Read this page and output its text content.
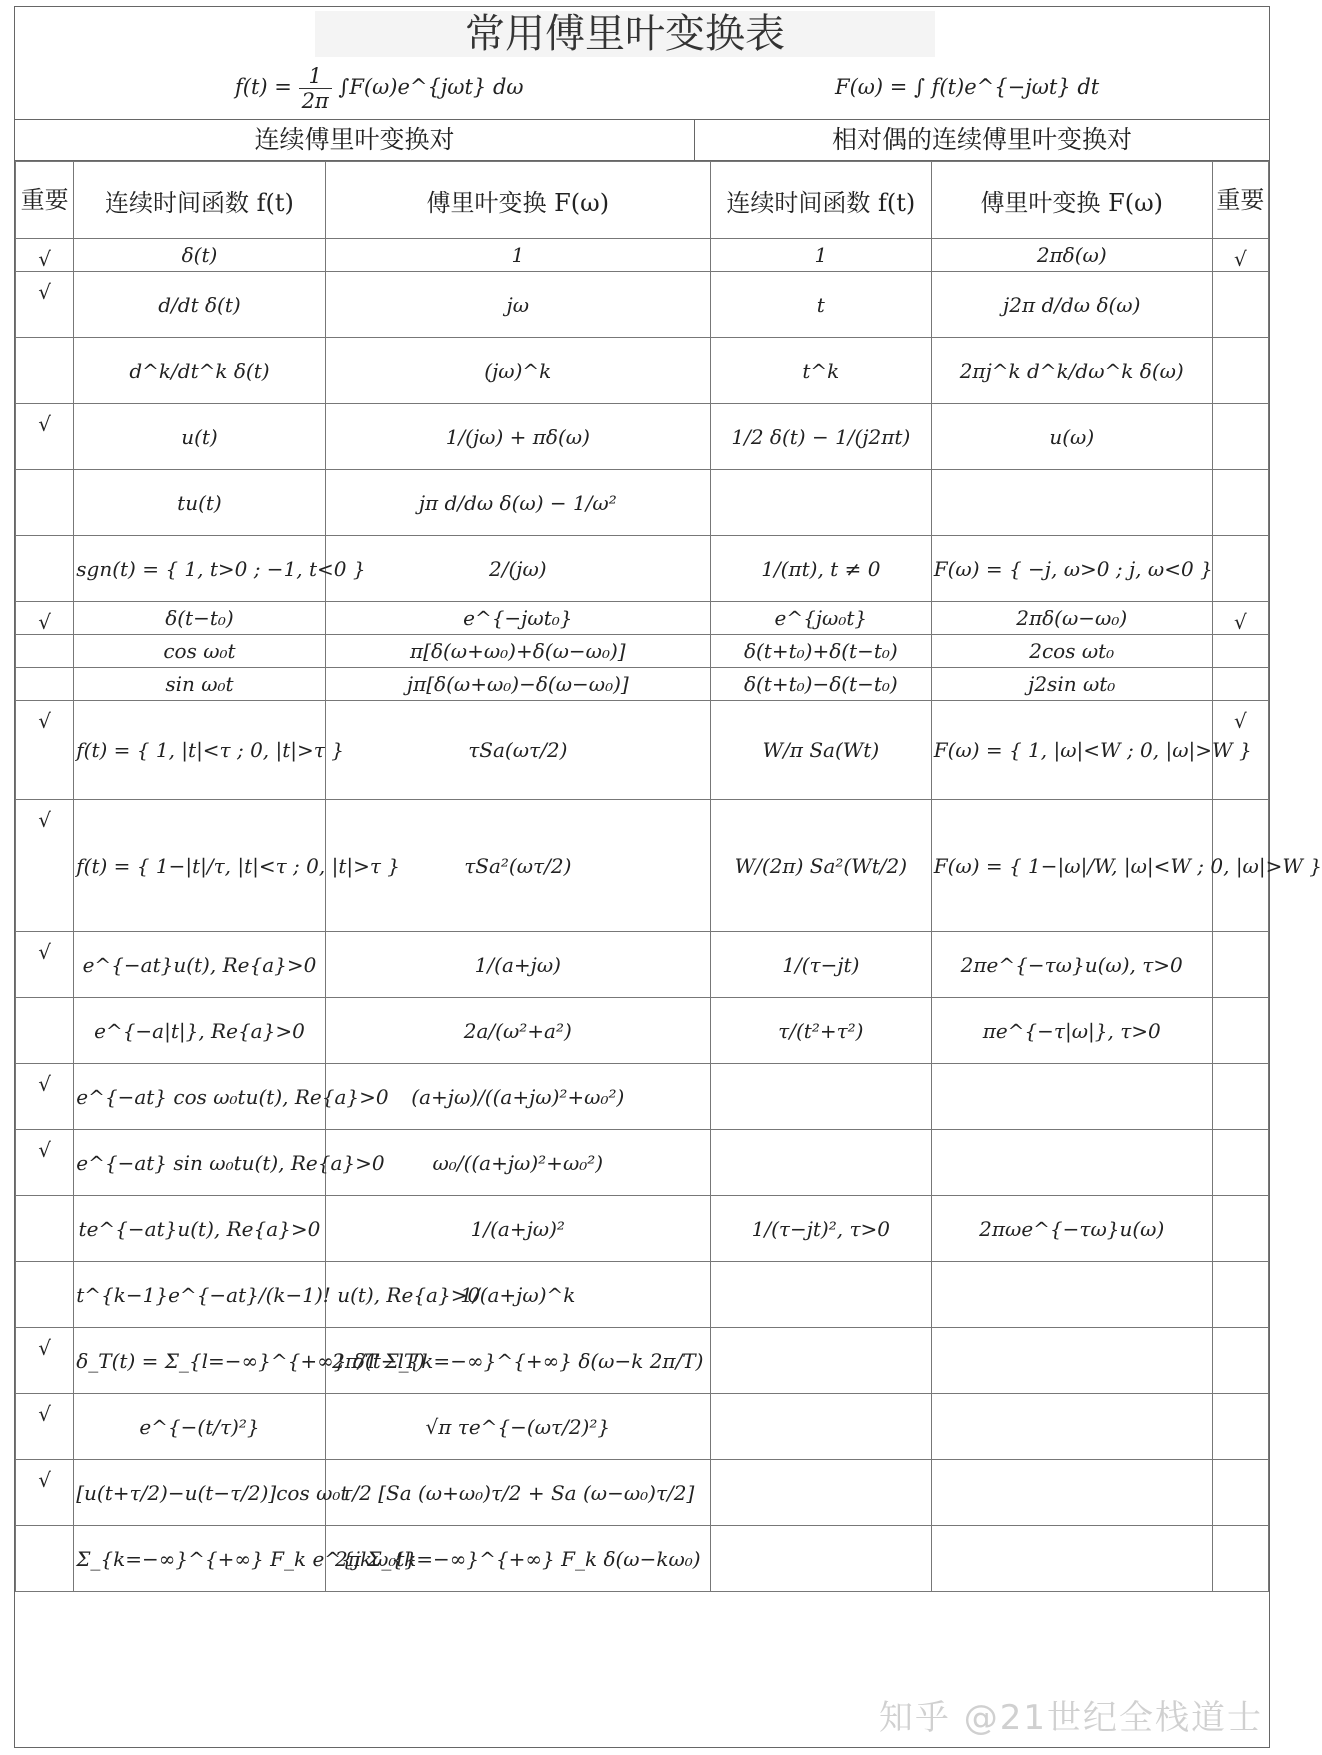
常用傅里叶变换表
$f(t) = \frac{1}{2\pi}$ ∫F(ω)e^{jωt} dω	F(ω) = ∫ f(t)e^{−jωt} dt
连续傅里叶变换对	相对偶的连续傅里叶变换对
重要	连续时间函数 f(t)	傅里叶变换 F(ω)	连续时间函数 f(t)	傅里叶变换 F(ω)	重要
√	δ(t)	1	1	2πδ(ω)	√
√	d/dt δ(t)	jω	t	j2π d/dω δ(ω)	
	d^k/dt^k δ(t)	(jω)^k	t^k	2πj^k d^k/dω^k δ(ω)	
√	u(t)	1/(jω) + πδ(ω)	1/2 δ(t) − 1/(j2πt)	u(ω)	
	tu(t)	jπ d/dω δ(ω) − 1/ω²			
	sgn(t) = { 1, t>0 ; −1, t<0 }	2/(jω)	1/(πt), t ≠ 0	F(ω) = { −j, ω>0 ; j, ω<0 }	
√	δ(t−t₀)	e^{−jωt₀}	e^{jω₀t}	2πδ(ω−ω₀)	√
	cos ω₀t	π[δ(ω+ω₀)+δ(ω−ω₀)]	δ(t+t₀)+δ(t−t₀)	2cos ωt₀	
	sin ω₀t	jπ[δ(ω+ω₀)−δ(ω−ω₀)]	δ(t+t₀)−δ(t−t₀)	j2sin ωt₀	
√	f(t) = { 1, |t|<τ ; 0, |t|>τ }	τSa(ωτ/2)	W/π Sa(Wt)	F(ω) = { 1, |ω|<W ; 0, |ω|>W }	√
√	f(t) = { 1−|t|/τ, |t|<τ ; 0, |t|>τ }	τSa²(ωτ/2)	W/(2π) Sa²(Wt/2)	F(ω) = { 1−|ω|/W, |ω|<W ; 0, |ω|>W }	
√	e^{−at}u(t), Re{a}>0	1/(a+jω)	1/(τ−jt)	2πe^{−τω}u(ω), τ>0	
	e^{−a|t|}, Re{a}>0	2a/(ω²+a²)	τ/(t²+τ²)	πe^{−τ|ω|}, τ>0	
√	e^{−at} cos ω₀tu(t), Re{a}>0	(a+jω)/((a+jω)²+ω₀²)			
√	e^{−at} sin ω₀tu(t), Re{a}>0	ω₀/((a+jω)²+ω₀²)			
	te^{−at}u(t), Re{a}>0	1/(a+jω)²	1/(τ−jt)², τ>0	2πωe^{−τω}u(ω)	
	t^{k−1}e^{−at}/(k−1)! u(t), Re{a}>0	1/(a+jω)^k			
√	δ_T(t) = Σ_{l=−∞}^{+∞} δ(t−lT)	2π/T Σ_{k=−∞}^{+∞} δ(ω−k 2π/T)			
√	e^{−(t/τ)²}	√π τe^{−(ωτ/2)²}			
√	[u(t+τ/2)−u(t−τ/2)]cos ω₀t	τ/2 [Sa (ω+ω₀)τ/2 + Sa (ω−ω₀)τ/2]			
	Σ_{k=−∞}^{+∞} F_k e^{jkω₀t}	2π Σ_{k=−∞}^{+∞} F_k δ(ω−kω₀)			
知乎 @21世纪全栈道士
